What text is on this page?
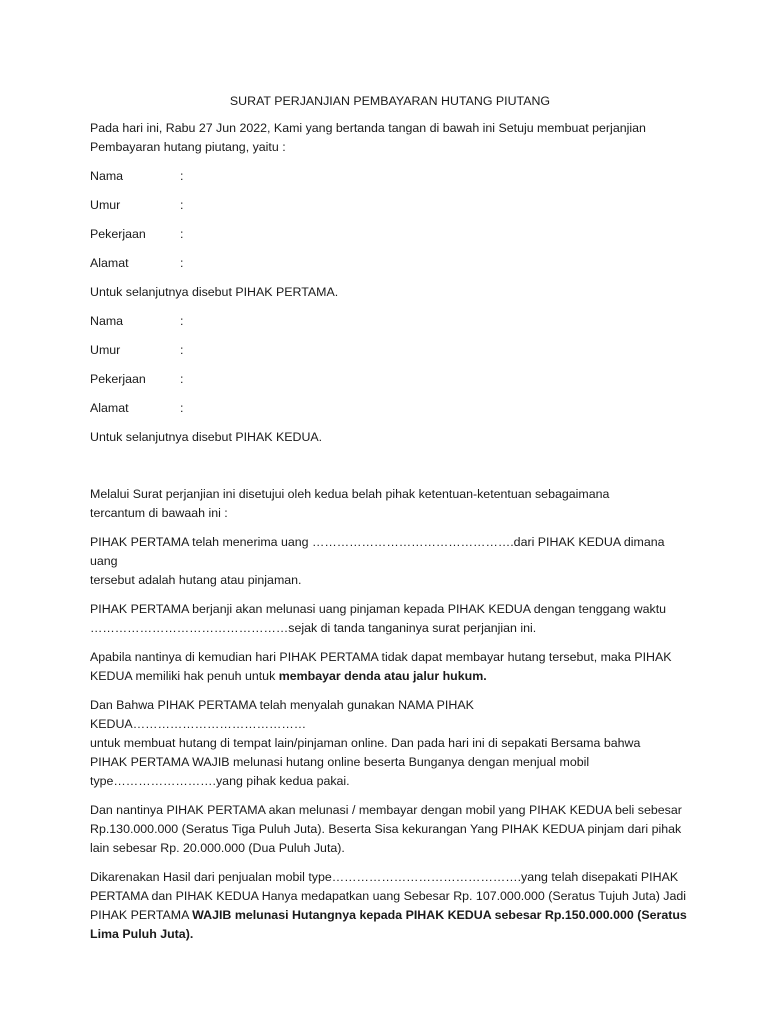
SURAT PERJANJIAN PEMBAYARAN HUTANG PIUTANG
Pada hari ini, Rabu 27 Jun 2022, Kami yang bertanda tangan di bawah ini Setuju membuat perjanjian
Pembayaran hutang piutang, yaitu :
Nama	:
Umur	:
Pekerjaan	:
Alamat	:
Untuk selanjutnya disebut PIHAK PERTAMA.
Nama	:
Umur	:
Pekerjaan	:
Alamat	:
Untuk selanjutnya disebut PIHAK KEDUA.
Melalui Surat perjanjian ini disetujui oleh kedua belah pihak ketentuan-ketentuan sebagaimana
tercantum di bawaah ini :
PIHAK PERTAMA telah menerima uang ………………………………………….dari PIHAK KEDUA dimana uang
tersebut adalah hutang atau pinjaman.
PIHAK PERTAMA berjanji akan melunasi uang pinjaman kepada PIHAK KEDUA dengan tenggang waktu
…………………………………………sejak di tanda tanganinya surat perjanjian ini.
Apabila nantinya di kemudian hari PIHAK PERTAMA tidak dapat membayar hutang tersebut, maka PIHAK
KEDUA memiliki hak penuh untuk membayar denda atau jalur hukum.
Dan Bahwa PIHAK PERTAMA telah menyalah gunakan NAMA PIHAK KEDUA……………………………………
untuk membuat hutang di tempat lain/pinjaman online. Dan pada hari ini di sepakati Bersama bahwa
PIHAK PERTAMA WAJIB melunasi hutang online beserta Bunganya dengan menjual mobil
type…………………….yang pihak kedua pakai.
Dan nantinya PIHAK PERTAMA akan melunasi / membayar dengan mobil yang PIHAK KEDUA beli sebesar
Rp.130.000.000 (Seratus Tiga Puluh Juta). Beserta Sisa kekurangan Yang PIHAK KEDUA pinjam dari pihak
lain sebesar Rp. 20.000.000 (Dua Puluh Juta).
Dikarenakan Hasil dari penjualan mobil type……………………………………….yang telah disepakati PIHAK
PERTAMA dan PIHAK KEDUA Hanya medapatkan uang Sebesar Rp. 107.000.000 (Seratus Tujuh Juta) Jadi
PIHAK PERTAMA WAJIB melunasi Hutangnya kepada PIHAK KEDUA sebesar Rp.150.000.000 (Seratus
Lima Puluh Juta).
